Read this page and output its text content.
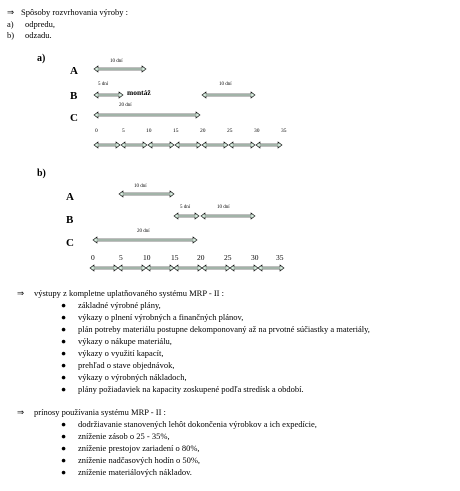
⇒ Spôsoby rozvrhovania výroby :
a) odpredu,
b) odzadu.
a)
A
B
C
10 dní
5 dní
montáž
10 dní
20 dní
0	5	10	15	20	25	30	35
b)
A
B
C
10 dní
5 dní	10 dní
20 dní
0	5	10	15 20	25	30 35
⇒ výstupy z kompletne uplatňovaného systému MRP - II :
● základné výrobné plány,
● výkazy o plnení výrobných a finančných plánov,
● plán potreby materiálu postupne dekomponovaný až na prvotné súčiastky a materiály,
● výkazy o nákupe materiálu,
● výkazy o využití kapacít,
● prehľad o stave objednávok,
● výkazy o výrobných nákladoch,
● plány požiadaviek na kapacity zoskupené podľa stredísk a období.
⇒ prínosy používania systému MRP - II :
● dodržiavanie stanovených lehôt dokončenia výrobkov a ich expedície,
● zníženie zásob o 25 - 35%,
● zníženie prestojov zariadení o 80%,
● zníženie nadčasových hodín o 50%,
● zníženie materiálových nákladov.
